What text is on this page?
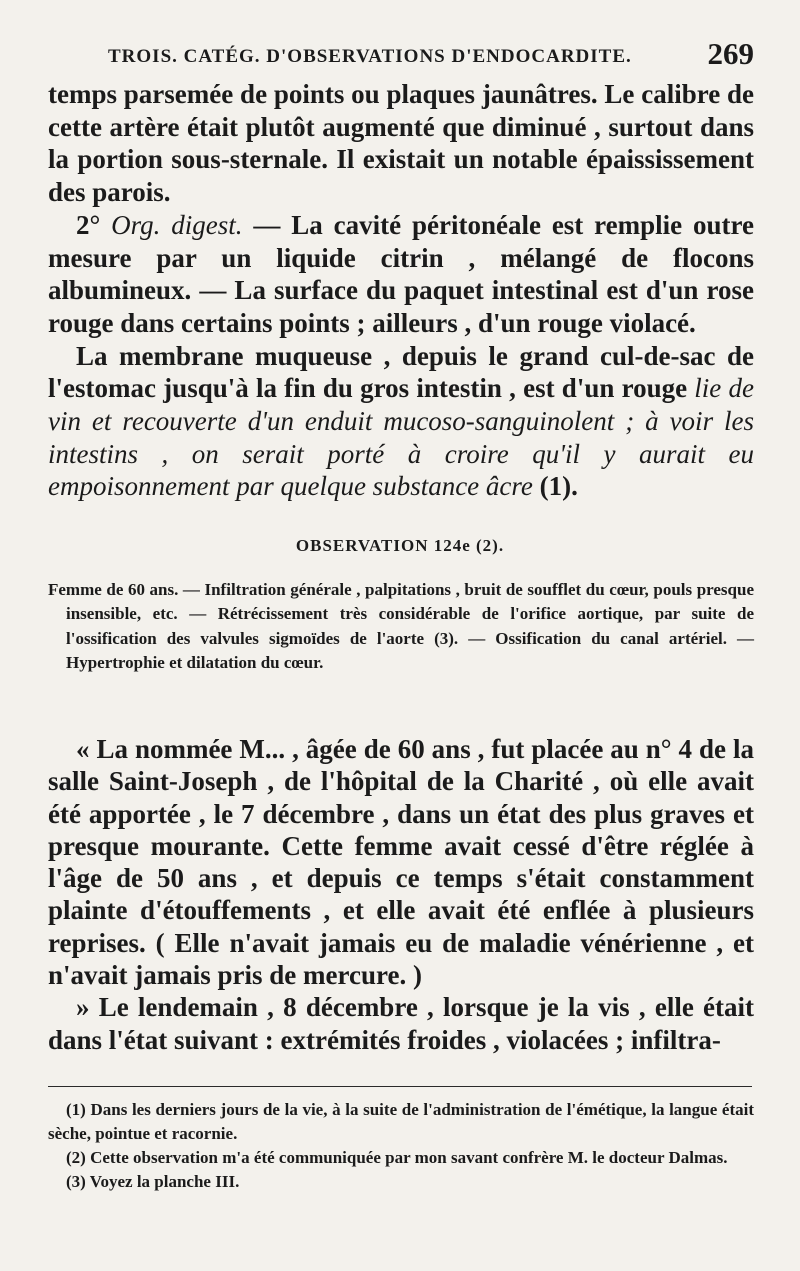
TROIS. CATÉG. D'OBSERVATIONS D'ENDOCARDITE. 269

temps parsemée de points ou plaques jaunâtres. Le calibre de cette artère était plutôt augmenté que diminué , surtout dans la portion sous-sternale. Il existait un notable épaississement des parois.

2° Org. digest. — La cavité péritonéale est remplie outre mesure par un liquide citrin , mélangé de flocons albumineux. — La surface du paquet intestinal est d'un rose rouge dans certains points ; ailleurs , d'un rouge violacé.

La membrane muqueuse , depuis le grand cul-de-sac de l'estomac jusqu'à la fin du gros intestin , est d'un rouge lie de vin et recouverte d'un enduit mucoso-sanguinolent ; à voir les intestins , on serait porté à croire qu'il y aurait eu empoisonnement par quelque substance âcre (1).

OBSERVATION 124e (2).

Femme de 60 ans. — Infiltration générale , palpitations , bruit de soufflet du cœur, pouls presque insensible, etc. — Rétrécissement très considérable de l'orifice aortique, par suite de l'ossification des valvules sigmoïdes de l'aorte (3). — Ossification du canal artériel. — Hypertrophie et dilatation du cœur.

« La nommée M... , âgée de 60 ans , fut placée au n° 4 de la salle Saint-Joseph , de l'hôpital de la Charité , où elle avait été apportée , le 7 décembre , dans un état des plus graves et presque mourante. Cette femme avait cessé d'être réglée à l'âge de 50 ans , et depuis ce temps s'était constamment plainte d'étouffements , et elle avait été enflée à plusieurs reprises. ( Elle n'avait jamais eu de maladie vénérienne , et n'avait jamais pris de mercure. )

» Le lendemain , 8 décembre , lorsque je la vis , elle était dans l'état suivant : extrémités froides , violacées ; infiltra-

(1) Dans les derniers jours de la vie, à la suite de l'administration de l'émétique, la langue était sèche, pointue et racornie.

(2) Cette observation m'a été communiquée par mon savant confrère M. le docteur Dalmas.

(3) Voyez la planche III.
